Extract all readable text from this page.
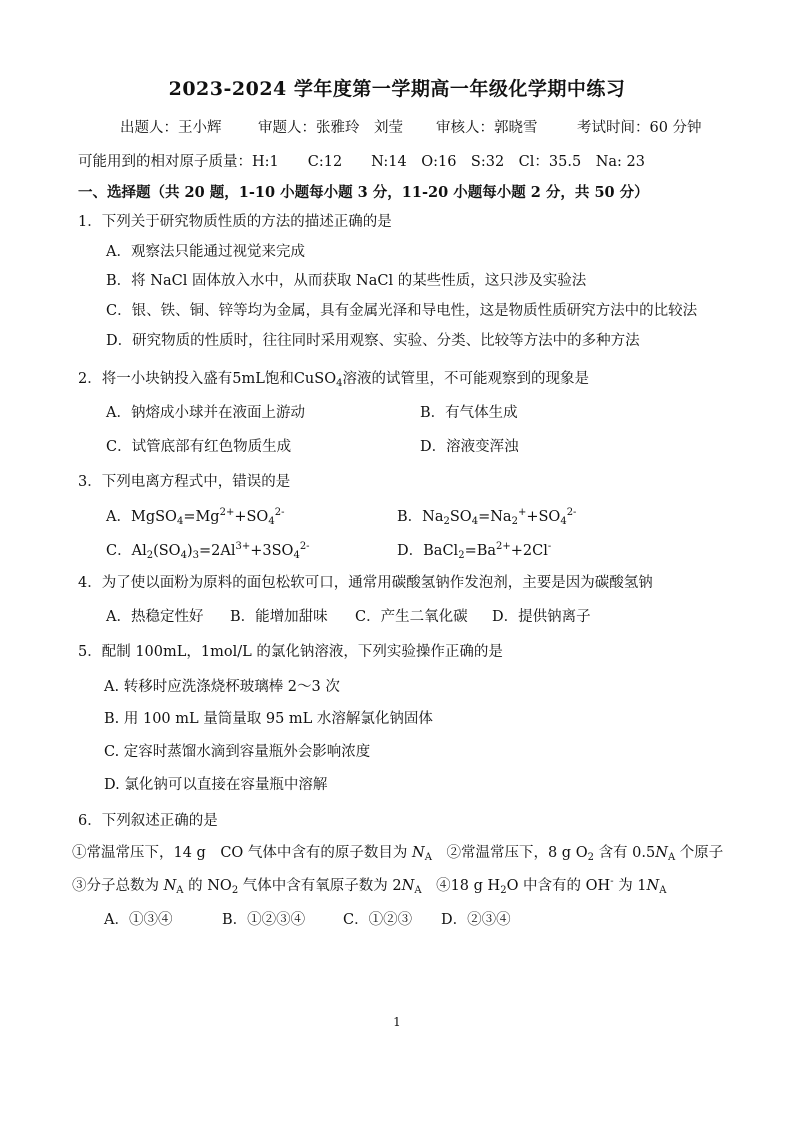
2023-2024 学年度第一学期高一年级化学期中练习
出题人：王小辉	审题人：张雅玲　刘莹 审核人：郭晓雪	考试时间：60 分钟
可能用到的相对原子质量：H:1　　C:12　　N:14　O:16　S:32　Cl：35.5　Na: 23
一、选择题（共 20 题，1-10 小题每小题 3 分，11-20 小题每小题 2 分，共 50 分）
1．下列关于研究物质性质的方法的描述正确的是
A．观察法只能通过视觉来完成
B．将 NaCl 固体放入水中，从而获取 NaCl 的某些性质，这只涉及实验法
C．银、铁、铜、锌等均为金属，具有金属光泽和导电性，这是物质性质研究方法中的比较法
D．研究物质的性质时，往往同时采用观察、实验、分类、比较等方法中的多种方法
2．将一小块钠投入盛有5mL饱和CuSO$_4$溶液的试管里，不可能观察到的现象是
A．钠熔成小球并在液面上游动	B．有气体生成
C．试管底部有红色物质生成	D．溶液变浑浊
3．下列电离方程式中，错误的是
A．$MgSO_4=Mg^{2+}+SO_4^{2-}$	B．$Na_2SO_4=Na_2^++SO_4^{2-}$
C．$Al_2(SO_4)_3=2Al^{3+}+3SO_4^{2-}$	D．$BaCl_2=Ba^{2+}+2Cl^-$
4．为了使以面粉为原料的面包松软可口，通常用碳酸氢钠作发泡剂，主要是因为碳酸氢钠
A．热稳定性好 B．能增加甜味 C．产生二氧化碳 D．提供钠离子
5．配制 100mL，1mol/L 的氯化钠溶液，下列实验操作正确的是
A. 转移时应洗涤烧杯玻璃棒 2～3 次
B. 用 100 mL 量筒量取 95 mL 水溶解氯化钠固体
C. 定容时蒸馏水滴到容量瓶外会影响浓度
D. 氯化钠可以直接在容量瓶中溶解
6．下列叙述正确的是
①常温常压下，14 g　CO 气体中含有的原子数目为 $N_A$　②常温常压下，8 g $O_2$ 含有 $0.5N_A$ 个原子
③分子总数为 $N_A$ 的 $NO_2$ 气体中含有氧原子数为 $2N_A$　④18 g $H_2O$ 中含有的 OH- 为 $1N_A$
A．①③④	B．①②③④	C．①②③ D．②③④
1
